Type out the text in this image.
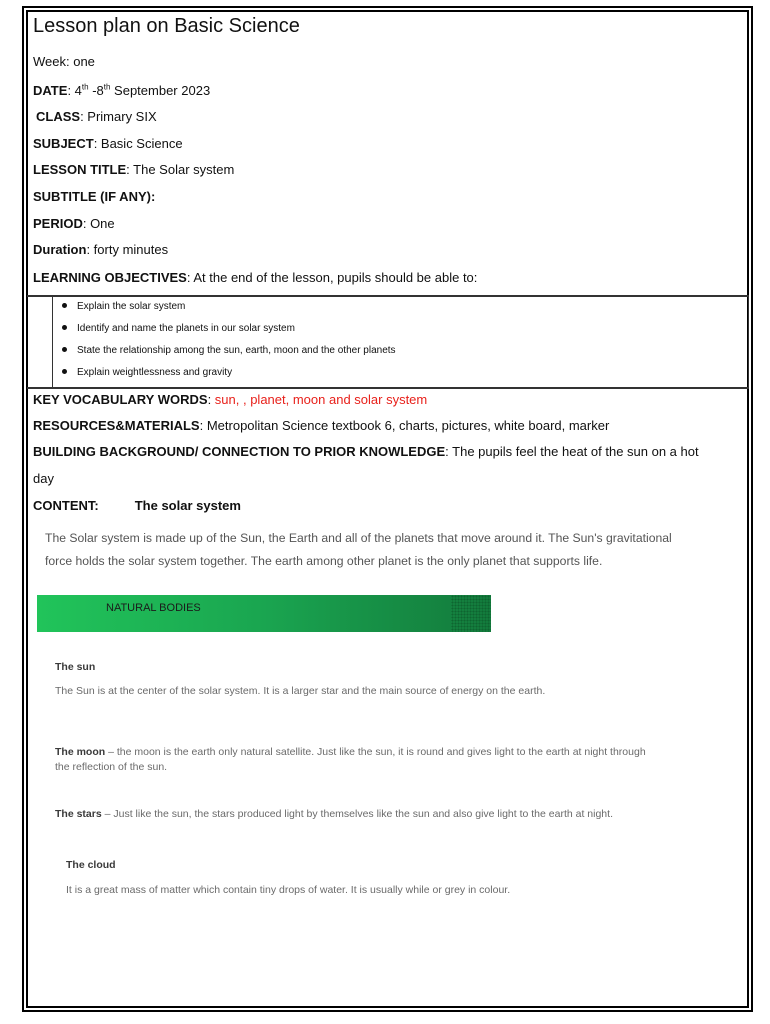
Lesson plan on Basic Science
Week: one
DATE: 4th -8th September 2023
CLASS: Primary SIX
SUBJECT: Basic Science
LESSON TITLE: The Solar system
SUBTITLE (IF ANY):
PERIOD: One
Duration: forty minutes
LEARNING OBJECTIVES: At the end of the lesson, pupils should be able to:
Explain the solar system
Identify and name the planets in our solar system
State the relationship among the sun, earth, moon and the other planets
Explain weightlessness and gravity
KEY VOCABULARY WORDS: sun, , planet, moon and solar system
RESOURCES&MATERIALS: Metropolitan Science textbook 6, charts, pictures, white board, marker
BUILDING BACKGROUND/ CONNECTION TO PRIOR KNOWLEDGE: The pupils feel the heat of the sun on a hot
day
CONTENT:	The solar system
The Solar system is made up of the Sun, the Earth and all of the planets that move around it. The Sun's gravitational force holds the solar system together. The earth among other planet is the only planet that supports life.
NATURAL BODIES
The sun
The Sun is at the center of the solar system. It is a larger star and the main source of energy on the earth.
The moon – the moon is the earth only natural satellite. Just like the sun, it is round and gives light to the earth at night through the reflection of the sun.
The stars – Just like the sun, the stars produced light by themselves like the sun and also give light to the earth at night.
The cloud
It is a great mass of matter which contain tiny drops of water. It is usually while or grey in colour.
